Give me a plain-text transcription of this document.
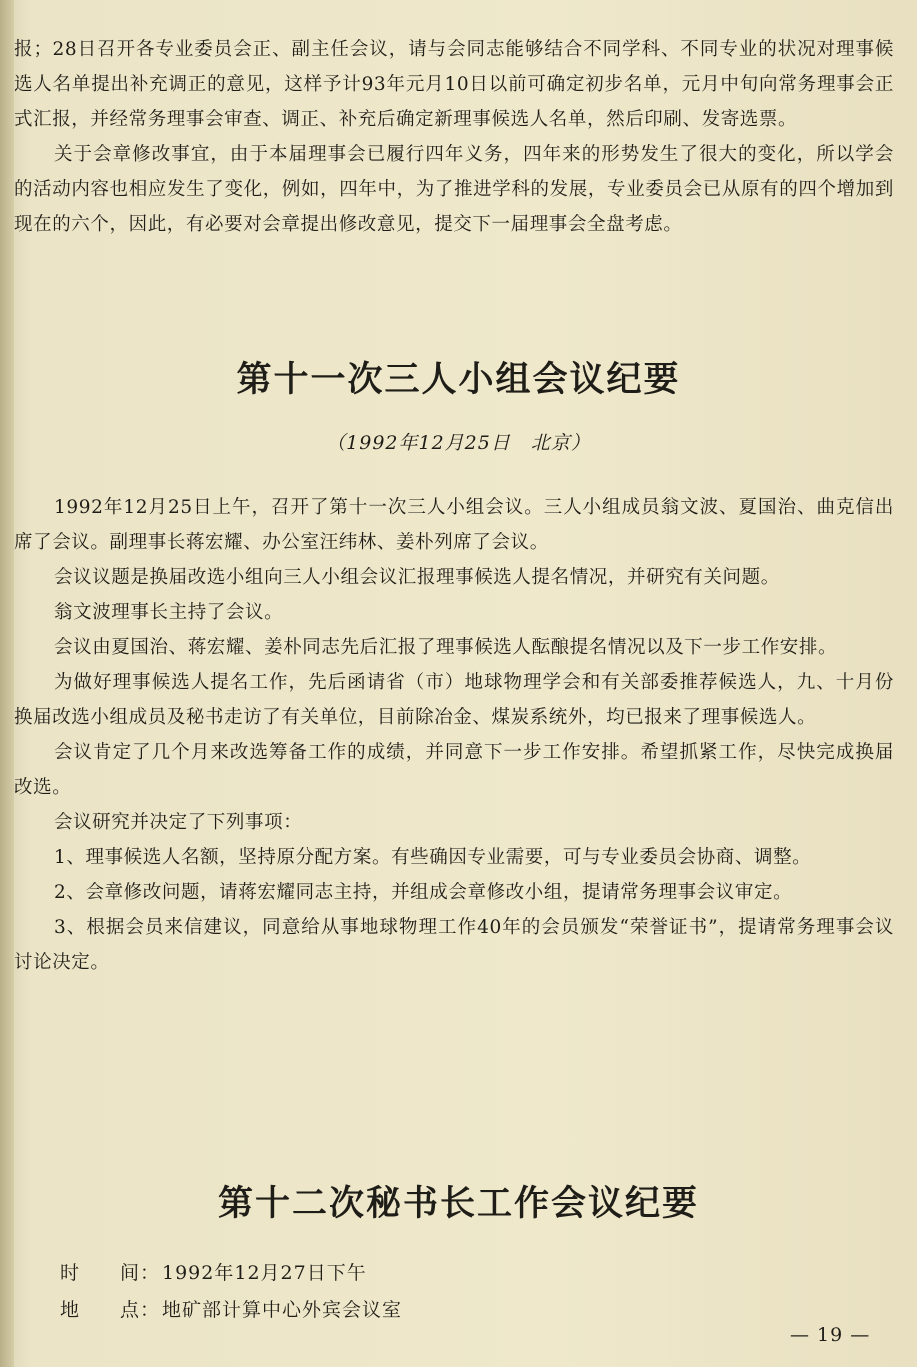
报；28日召开各专业委员会正、副主任会议，请与会同志能够结合不同学科、不同专业的状况对理事候选人名单提出补充调正的意见，这样予计93年元月10日以前可确定初步名单，元月中旬向常务理事会正式汇报，并经常务理事会审查、调正、补充后确定新理事候选人名单，然后印刷、发寄选票。

关于会章修改事宜，由于本届理事会已履行四年义务，四年来的形势发生了很大的变化，所以学会的活动内容也相应发生了变化，例如，四年中，为了推进学科的发展，专业委员会已从原有的四个增加到现在的六个，因此，有必要对会章提出修改意见，提交下一届理事会全盘考虑。

第十一次三人小组会议纪要
（1992年12月25日　北京）

1992年12月25日上午，召开了第十一次三人小组会议。三人小组成员翁文波、夏国治、曲克信出席了会议。副理事长蒋宏耀、办公室汪纬林、姜朴列席了会议。

会议议题是换届改选小组向三人小组会议汇报理事候选人提名情况，并研究有关问题。

翁文波理事长主持了会议。

会议由夏国治、蒋宏耀、姜朴同志先后汇报了理事候选人酝酿提名情况以及下一步工作安排。

为做好理事候选人提名工作，先后函请省（市）地球物理学会和有关部委推荐候选人，九、十月份换届改选小组成员及秘书走访了有关单位，目前除冶金、煤炭系统外，均已报来了理事候选人。

会议肯定了几个月来改选筹备工作的成绩，并同意下一步工作安排。希望抓紧工作，尽快完成换届改选。

会议研究并决定了下列事项：

1、理事候选人名额，坚持原分配方案。有些确因专业需要，可与专业委员会协商、调整。

2、会章修改问题，请蒋宏耀同志主持，并组成会章修改小组，提请常务理事会议审定。

3、根据会员来信建议，同意给从事地球物理工作40年的会员颁发“荣誉证书”，提请常务理事会议讨论决定。

第十二次秘书长工作会议纪要
时　　间： 1992年12月27日下午
地　　点： 地矿部计算中心外宾会议室
— 19 —
